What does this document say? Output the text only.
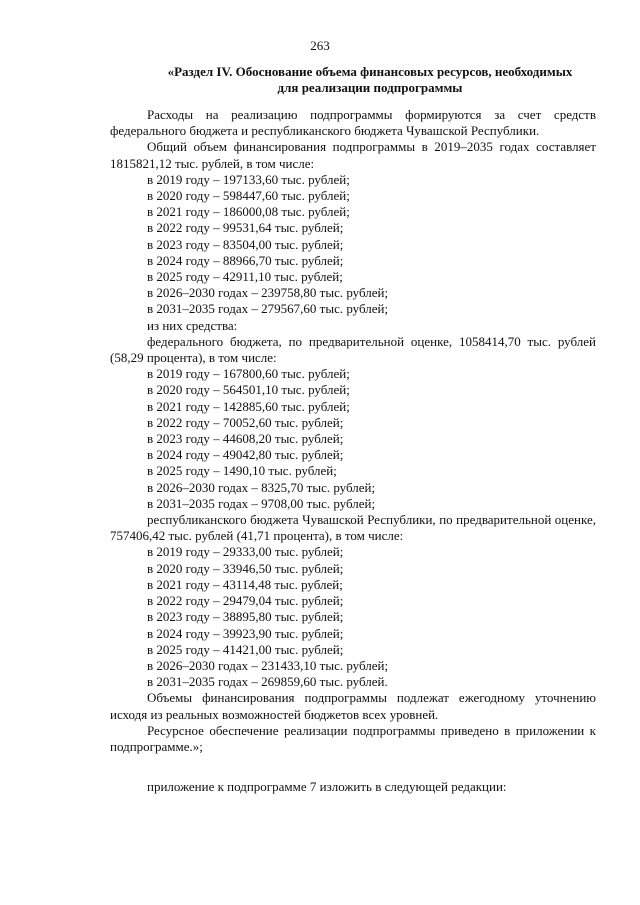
263
«Раздел IV. Обоснование объема финансовых ресурсов, необходимых
для реализации подпрограммы

Расходы на реализацию подпрограммы формируются за счет средств федерального бюджета и республиканского бюджета Чувашской Республики.

Общий объем финансирования подпрограммы в 2019–2035 годах составляет 1815821,12 тыс. рублей, в том числе:

в 2019 году – 197133,60 тыс. рублей;
в 2020 году – 598447,60 тыс. рублей;
в 2021 году – 186000,08 тыс. рублей;
в 2022 году – 99531,64 тыс. рублей;
в 2023 году – 83504,00 тыс. рублей;
в 2024 году – 88966,70 тыс. рублей;
в 2025 году – 42911,10 тыс. рублей;
в 2026–2030 годах – 239758,80 тыс. рублей;
в 2031–2035 годах – 279567,60 тыс. рублей;
из них средства:

федерального бюджета, по предварительной оценке, 1058414,70 тыс. рублей (58,29 процента), в том числе:

в 2019 году – 167800,60 тыс. рублей;
в 2020 году – 564501,10 тыс. рублей;
в 2021 году – 142885,60 тыс. рублей;
в 2022 году – 70052,60 тыс. рублей;
в 2023 году – 44608,20 тыс. рублей;
в 2024 году – 49042,80 тыс. рублей;
в 2025 году – 1490,10 тыс. рублей;
в 2026–2030 годах – 8325,70 тыс. рублей;
в 2031–2035 годах – 9708,00 тыс. рублей;

республиканского бюджета Чувашской Республики, по предварительной оценке, 757406,42 тыс. рублей (41,71 процента), в том числе:

в 2019 году – 29333,00 тыс. рублей;
в 2020 году – 33946,50 тыс. рублей;
в 2021 году – 43114,48 тыс. рублей;
в 2022 году – 29479,04 тыс. рублей;
в 2023 году – 38895,80 тыс. рублей;
в 2024 году – 39923,90 тыс. рублей;
в 2025 году – 41421,00 тыс. рублей;
в 2026–2030 годах – 231433,10 тыс. рублей;
в 2031–2035 годах – 269859,60 тыс. рублей.

Объемы финансирования подпрограммы подлежат ежегодному уточнению исходя из реальных возможностей бюджетов всех уровней.

Ресурсное обеспечение реализации подпрограммы приведено в приложении к подпрограмме.»;

приложение к подпрограмме 7 изложить в следующей редакции:
